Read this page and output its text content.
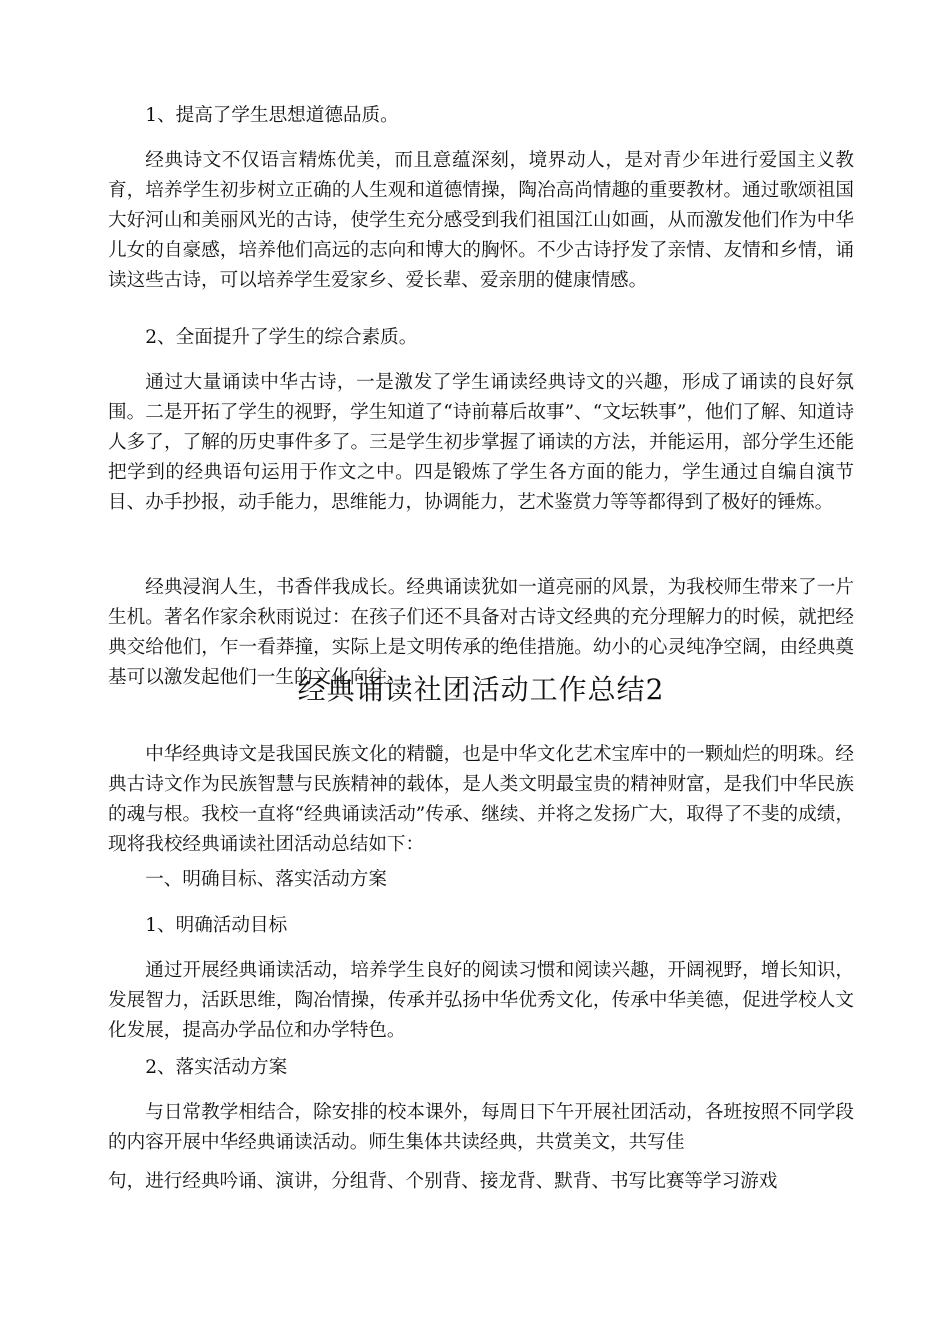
1、提高了学生思想道德品质。
经典诗文不仅语言精炼优美，而且意蕴深刻，境界动人，是对青少年进行爱国主义教育，培养学生初步树立正确的人生观和道德情操，陶冶高尚情趣的重要教材。通过歌颂祖国大好河山和美丽风光的古诗，使学生充分感受到我们祖国江山如画，从而激发他们作为中华儿女的自豪感，培养他们高远的志向和博大的胸怀。不少古诗抒发了亲情、友情和乡情，诵读这些古诗，可以培养学生爱家乡、爱长辈、爱亲朋的健康情感。
2、全面提升了学生的综合素质。
通过大量诵读中华古诗，一是激发了学生诵读经典诗文的兴趣，形成了诵读的良好氛围。二是开拓了学生的视野，学生知道了“诗前幕后故事”、“文坛轶事”，他们了解、知道诗人多了，了解的历史事件多了。三是学生初步掌握了诵读的方法，并能运用，部分学生还能把学到的经典语句运用于作文之中。四是锻炼了学生各方面的能力，学生通过自编自演节目、办手抄报，动手能力，思维能力，协调能力，艺术鉴赏力等等都得到了极好的锤炼。
经典浸润人生，书香伴我成长。经典诵读犹如一道亮丽的风景，为我校师生带来了一片生机。著名作家余秋雨说过：在孩子们还不具备对古诗文经典的充分理解力的时候，就把经典交给他们，乍一看莽撞，实际上是文明传承的绝佳措施。幼小的心灵纯净空阔，由经典奠基可以激发起他们一生的文化向往。
经典诵读社团活动工作总结2
中华经典诗文是我国民族文化的精髓，也是中华文化艺术宝库中的一颗灿烂的明珠。经典古诗文作为民族智慧与民族精神的载体，是人类文明最宝贵的精神财富，是我们中华民族的魂与根。我校一直将“经典诵读活动”传承、继续、并将之发扬广大，取得了不斐的成绩，现将我校经典诵读社团活动总结如下：
一、明确目标、落实活动方案
1、明确活动目标
通过开展经典诵读活动，培养学生良好的阅读习惯和阅读兴趣，开阔视野，增长知识，发展智力，活跃思维，陶冶情操，传承并弘扬中华优秀文化，传承中华美德，促进学校人文化发展，提高办学品位和办学特色。
2、落实活动方案
与日常教学相结合，除安排的校本课外，每周日下午开展社团活动，各班按照不同学段的内容开展中华经典诵读活动。师生集体共读经典，共赏美文，共写佳
句，进行经典吟诵、演讲，分组背、个别背、接龙背、默背、书写比赛等学习游戏
